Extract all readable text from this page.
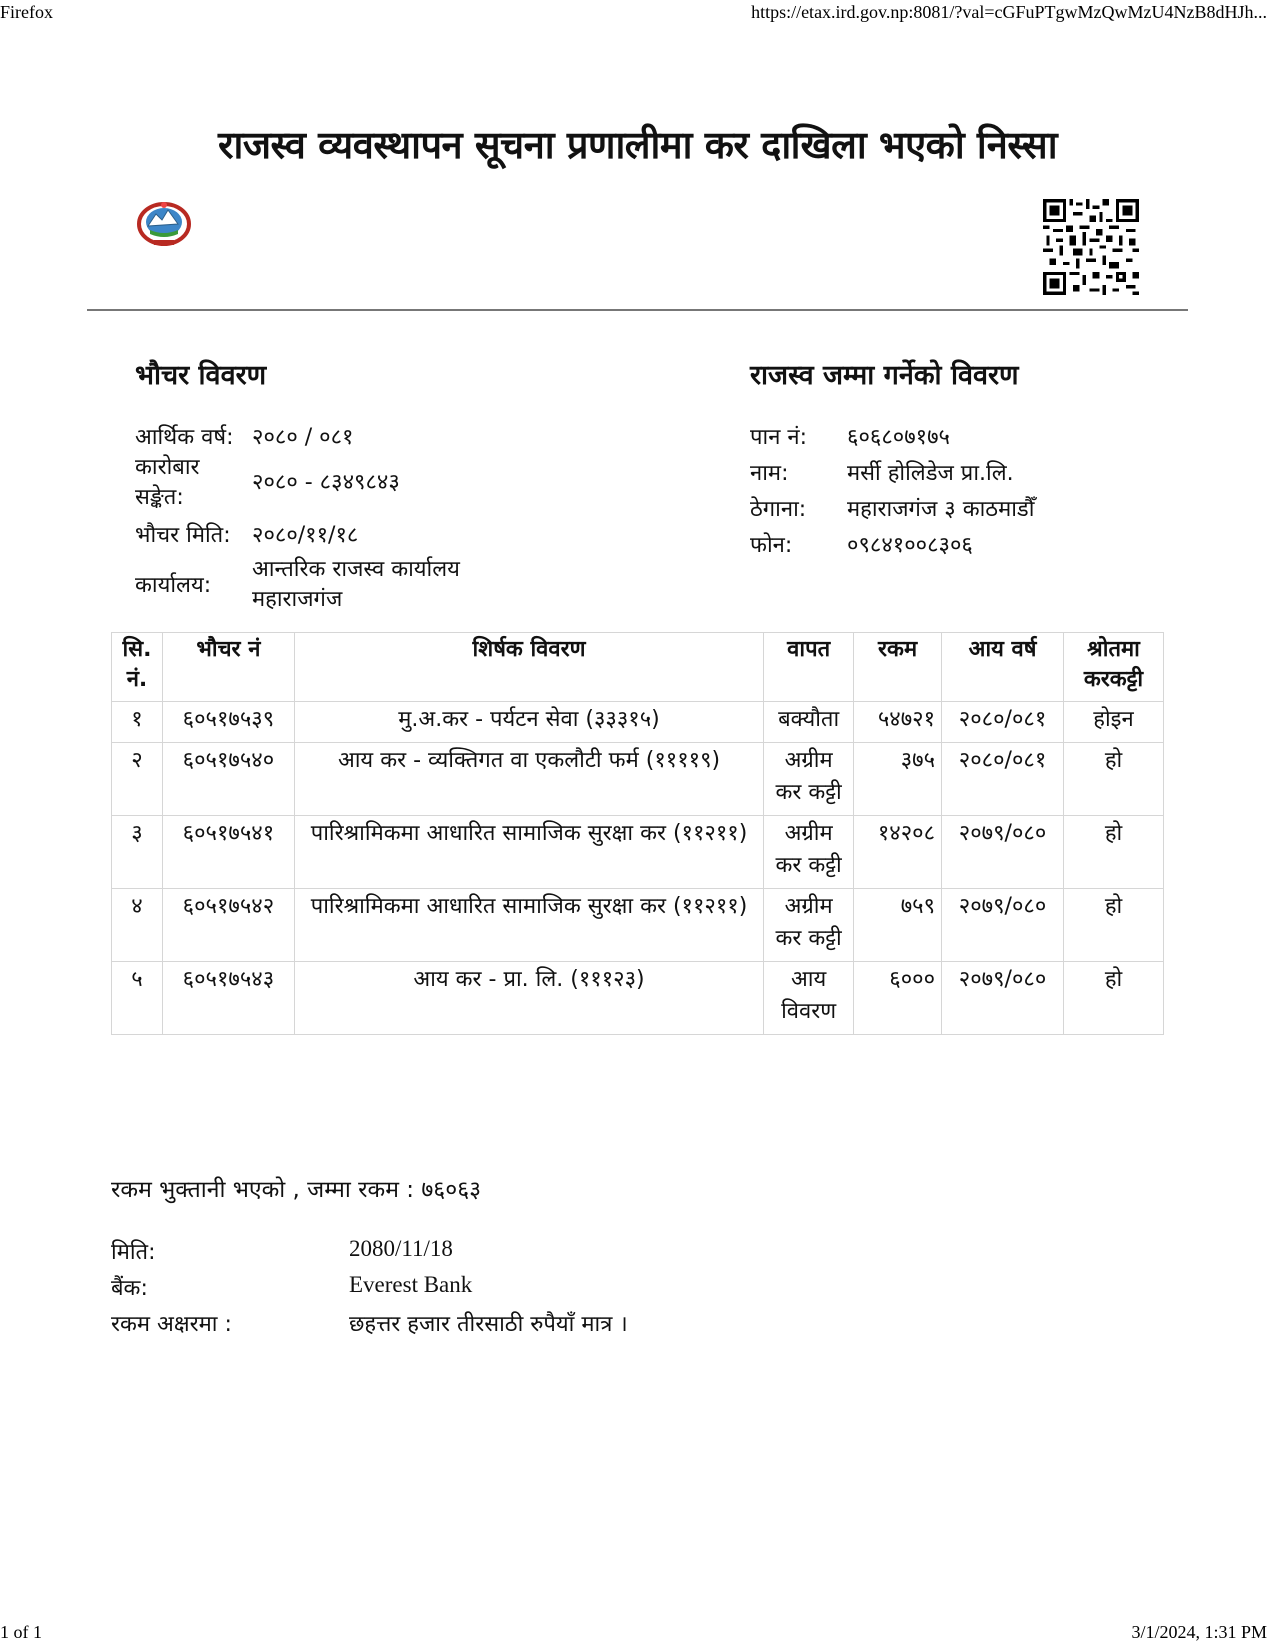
Firefox	https://etax.ird.gov.np:8081/?val=cGFuPTgwMzQwMzU4NzB8dHJh...
राजस्व व्यवस्थापन सूचना प्रणालीमा कर दाखिला भएको निस्सा
भौचर विवरण
आर्थिक वर्ष: २०८० / ०८१
कारोबार
सङ्केत:
२०८० - ८३४९८४३
भौचर मिति: २०८०/११/१८
कार्यालय:
आन्तरिक राजस्व कार्यालय
महाराजगंज
राजस्व जम्मा गर्नेको विवरण
पान नं: ६०६८०७१७५
नाम:	मर्सी होलिडेज प्रा.लि.
ठेगाना: महाराजगंज ३ काठमाडौँ
फोन: ०९८४१००८३०६
सि. नं.	भौचर नं	शिर्षक विवरण	वापत	रकम	आय वर्ष	श्रोतमा करकट्टी
१	६०५१७५३९	मु.अ.कर - पर्यटन सेवा (३३३१५)	बक्यौता	५४७२१	२०८०/०८१	होइन
२	६०५१७५४०	आय कर - व्यक्तिगत वा एकलौटी फर्म (११११९)	अग्रीम कर कट्टी	३७५	२०८०/०८१	हो
३	६०५१७५४१	पारिश्रामिकमा आधारित सामाजिक सुरक्षा कर (११२११)	अग्रीम कर कट्टी	१४२०८	२०७९/०८०	हो
४	६०५१७५४२	पारिश्रामिकमा आधारित सामाजिक सुरक्षा कर (११२११)	अग्रीम कर कट्टी	७५९	२०७९/०८०	हो
५	६०५१७५४३	आय कर - प्रा. लि. (१११२३)	आय विवरण	६०००	२०७९/०८०	हो
रकम भुक्तानी भएको , जम्मा रकम : ७६०६३
मिति:	2080/11/18
बैंक:	Everest Bank
रकम अक्षरमा :	छहत्तर हजार तीरसाठी रुपैयाँ मात्र ।
1 of 1	3/1/2024, 1:31 PM
